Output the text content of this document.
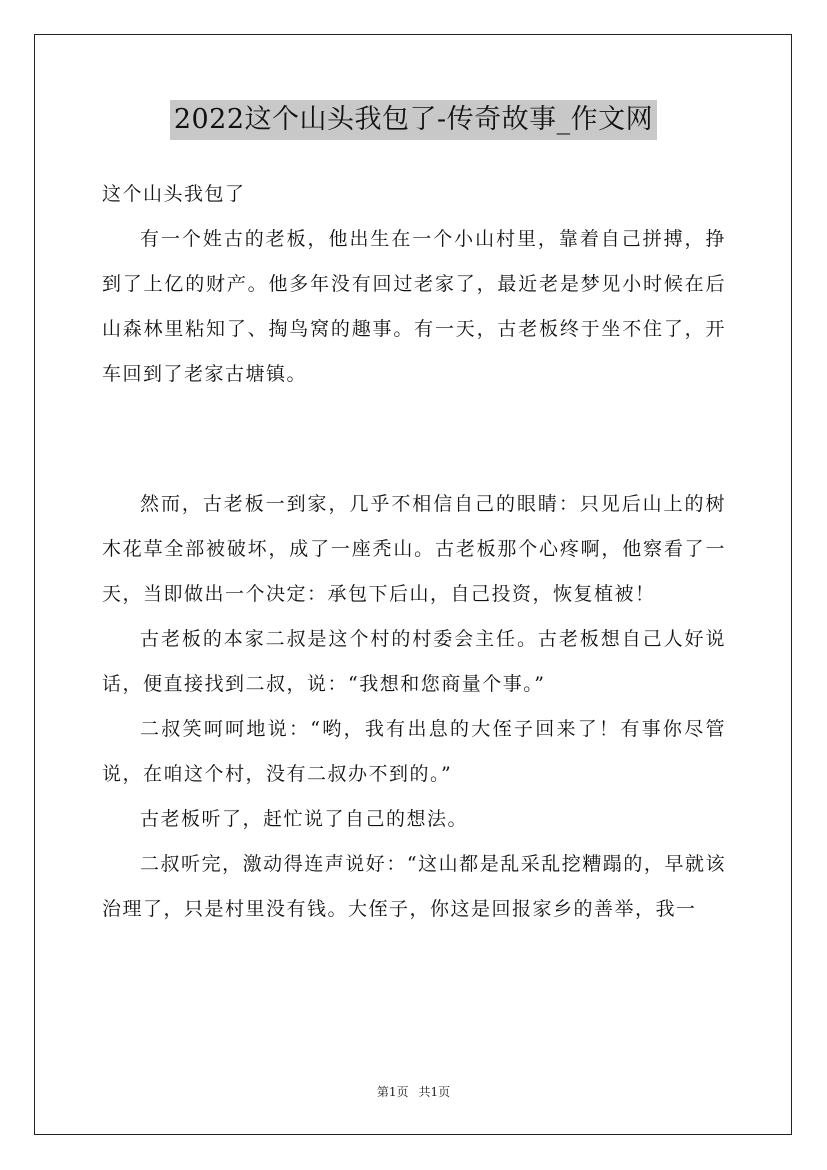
2022这个山头我包了-传奇故事_作文网

这个山头我包了

有一个姓古的老板，他出生在一个小山村里，靠着自己拼搏，挣到了上亿的财产。他多年没有回过老家了，最近老是梦见小时候在后山森林里粘知了、掏鸟窝的趣事。有一天，古老板终于坐不住了，开车回到了老家古塘镇。

然而，古老板一到家，几乎不相信自己的眼睛：只见后山上的树木花草全部被破坏，成了一座秃山。古老板那个心疼啊，他察看了一天，当即做出一个决定：承包下后山，自己投资，恢复植被！

古老板的本家二叔是这个村的村委会主任。古老板想自己人好说话，便直接找到二叔，说：“我想和您商量个事。”

二叔笑呵呵地说：“哟，我有出息的大侄子回来了！有事你尽管说，在咱这个村，没有二叔办不到的。”

古老板听了，赶忙说了自己的想法。

二叔听完，激动得连声说好：“这山都是乱采乱挖糟蹋的，早就该治理了，只是村里没有钱。大侄子，你这是回报家乡的善举，我一

第1页 共1页
